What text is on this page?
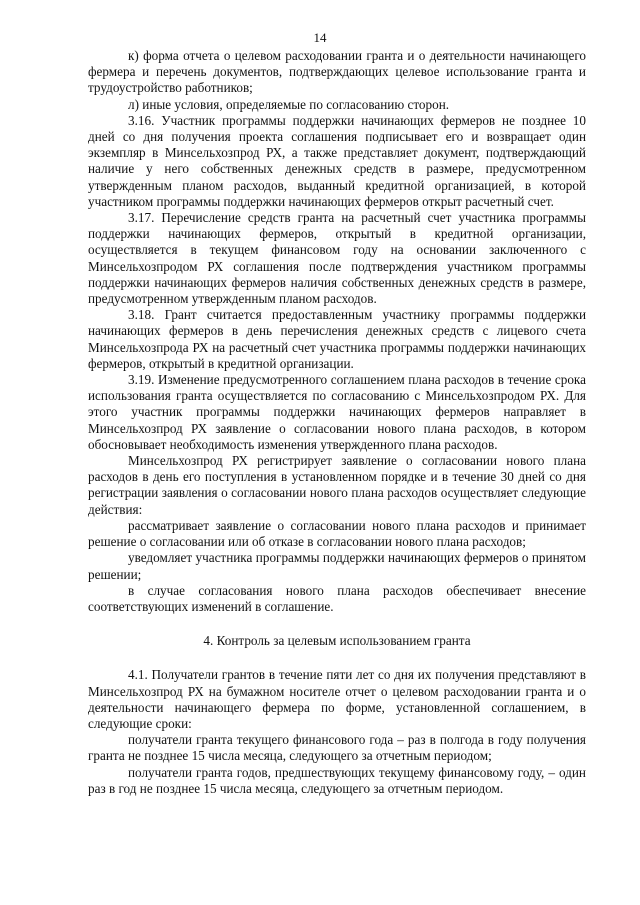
14

к) форма отчета о целевом расходовании гранта и о деятельности начинающего фермера и перечень документов, подтверждающих целевое использование гранта и трудоустройство работников;

л) иные условия, определяемые по согласованию сторон.

3.16. Участник программы поддержки начинающих фермеров не позднее 10 дней со дня получения проекта соглашения подписывает его и возвращает один экземпляр в Минсельхозпрод РХ, а также представляет документ, подтверждающий наличие у него собственных денежных средств в размере, предусмотренном утвержденным планом расходов, выданный кредитной организацией, в которой участником программы поддержки начинающих фермеров открыт расчетный счет.

3.17. Перечисление средств гранта на расчетный счет участника программы поддержки начинающих фермеров, открытый в кредитной организации, осуществляется в текущем финансовом году на основании заключенного с Минсельхозпродом РХ соглашения после подтверждения участником программы поддержки начинающих фермеров наличия собственных денежных средств в размере, предусмотренном утвержденным планом расходов.

3.18. Грант считается предоставленным участнику программы поддержки начинающих фермеров в день перечисления денежных средств с лицевого счета Минсельхозпрода РХ на расчетный счет участника программы поддержки начинающих фермеров, открытый в кредитной организации.

3.19. Изменение предусмотренного соглашением плана расходов в течение срока использования гранта осуществляется по согласованию с Минсельхозпродом РХ. Для этого участник программы поддержки начинающих фермеров направляет в Минсельхозпрод РХ заявление о согласовании нового плана расходов, в котором обосновывает необходимость изменения утвержденного плана расходов.

Минсельхозпрод РХ регистрирует заявление о согласовании нового плана расходов в день его поступления в установленном порядке и в течение 30 дней со дня регистрации заявления о согласовании нового плана расходов осуществляет следующие действия:

рассматривает заявление о согласовании нового плана расходов и принимает решение о согласовании или об отказе в согласовании нового плана расходов;

уведомляет участника программы поддержки начинающих фермеров о принятом решении;

в случае согласования нового плана расходов обеспечивает внесение соответствующих изменений в соглашение.

4. Контроль за целевым использованием гранта

4.1. Получатели грантов в течение пяти лет со дня их получения представляют в Минсельхозпрод РХ на бумажном носителе отчет о целевом расходовании гранта и о деятельности начинающего фермера по форме, установленной соглашением, в следующие сроки:

получатели гранта текущего финансового года – раз в полгода в году получения гранта не позднее 15 числа месяца, следующего за отчетным периодом;

получатели гранта годов, предшествующих текущему финансовому году, – один раз в год не позднее 15 числа месяца, следующего за отчетным периодом.
